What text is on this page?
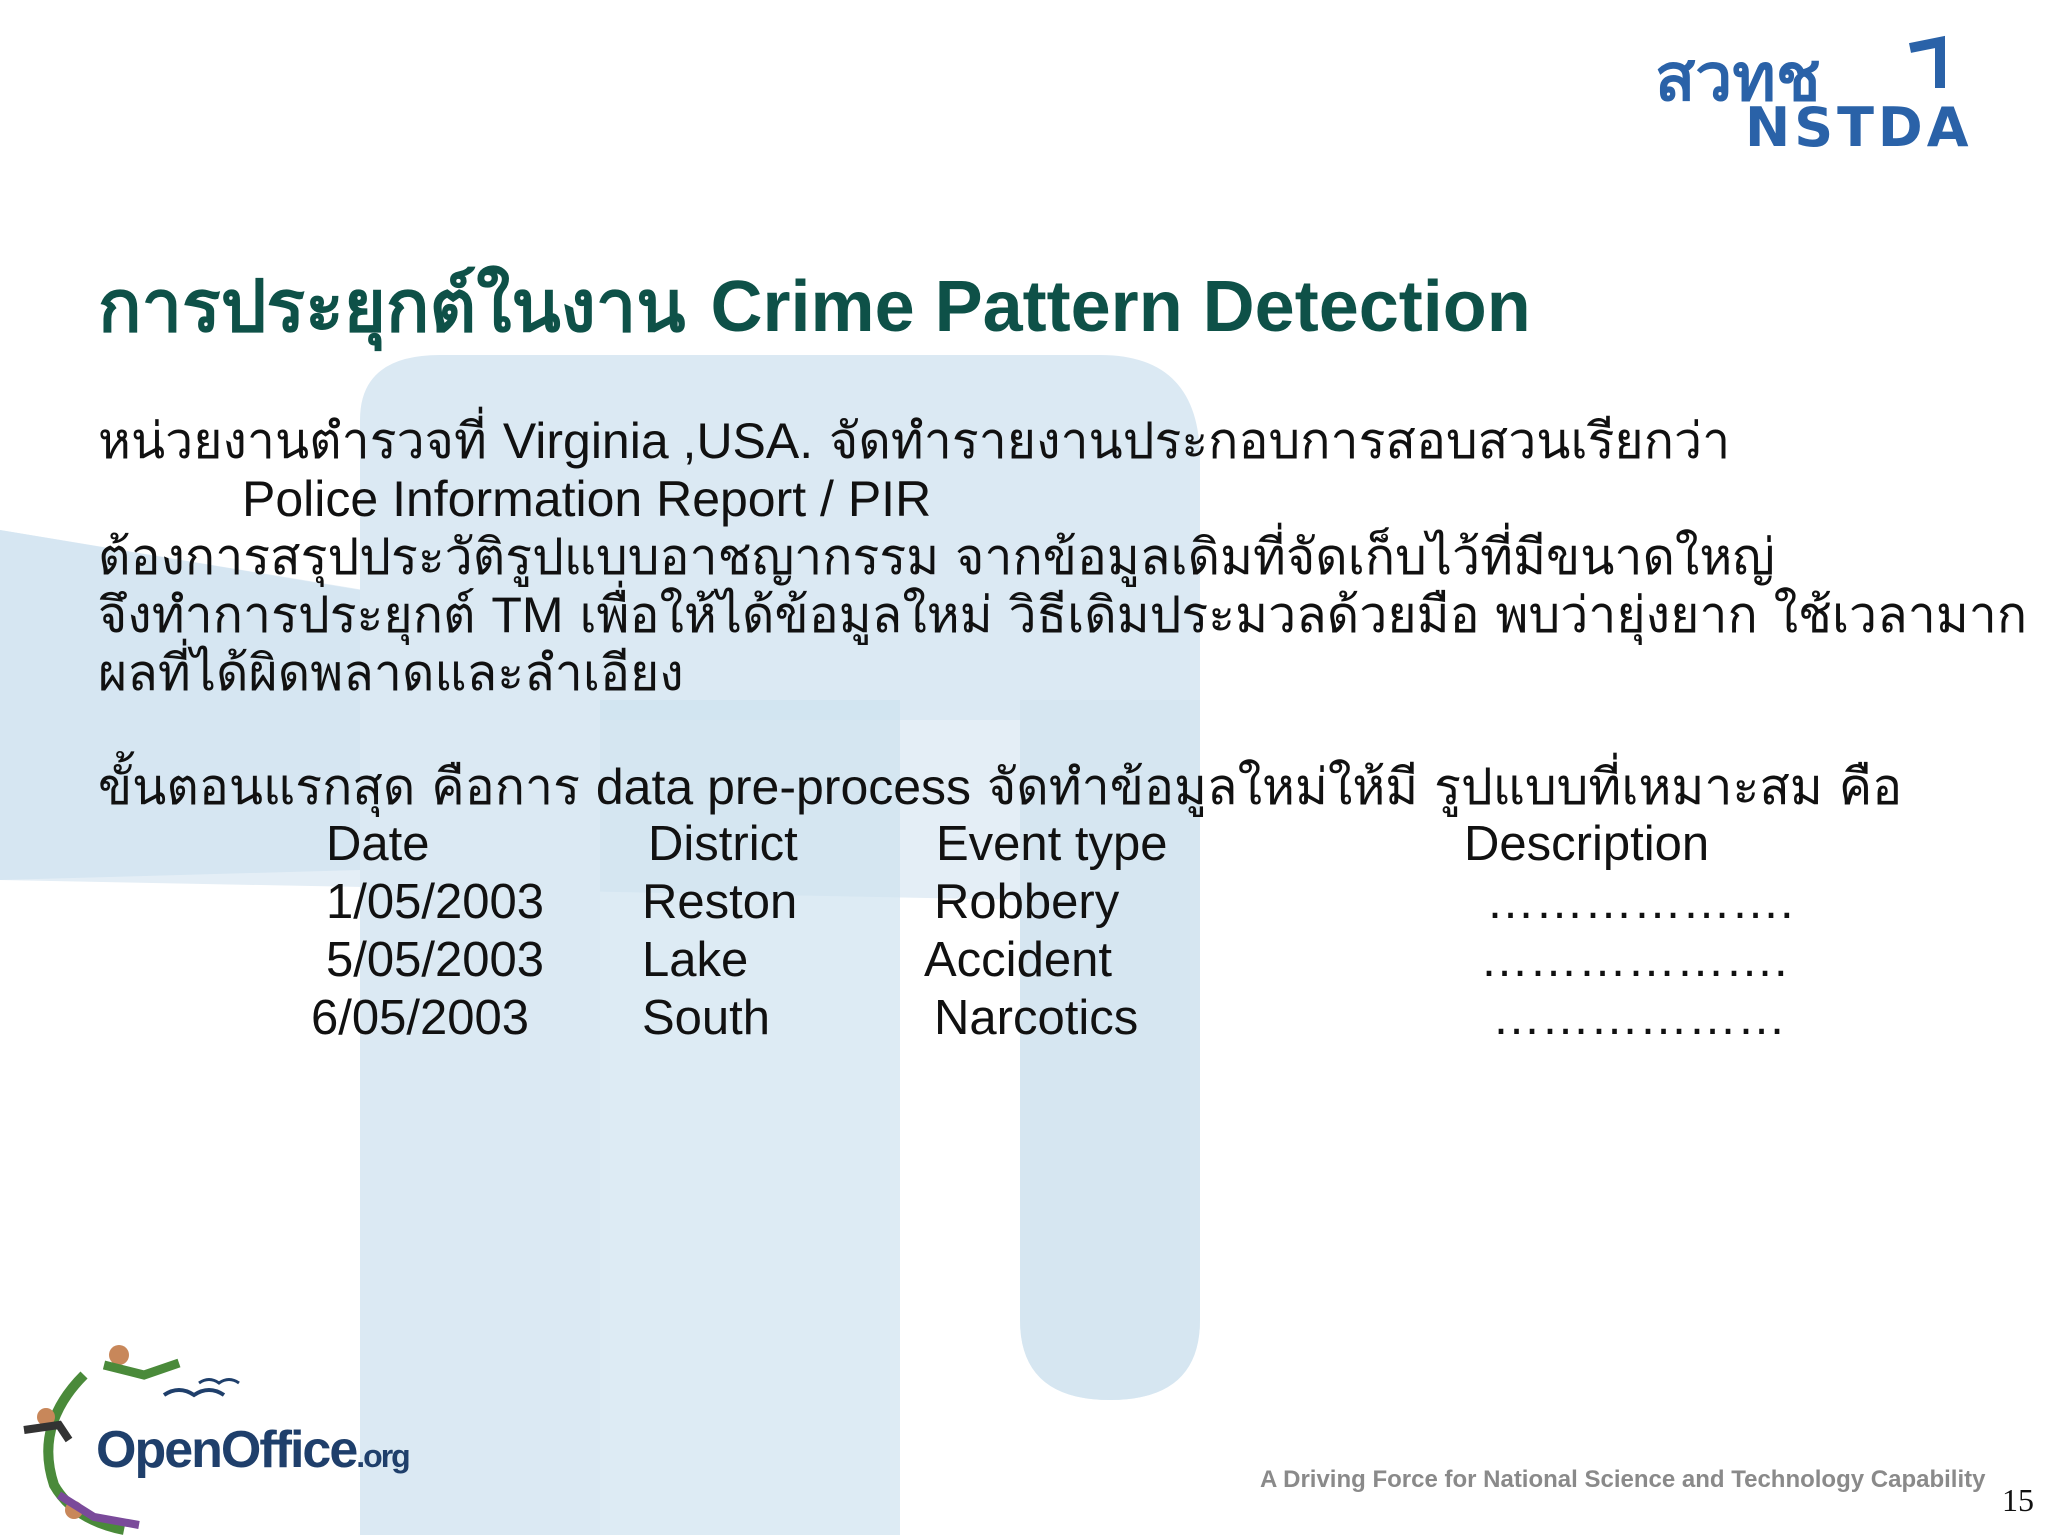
สวทช
NSTDA
การประยุกต์ในงาน Crime Pattern Detection
หน่วยงานตำรวจที่ Virginia ,USA. จัดทำรายงานประกอบการสอบสวนเรียกว่า
Police Information Report / PIR
ต้องการสรุปประวัติรูปแบบอาชญากรรม จากข้อมูลเดิมที่จัดเก็บไว้ที่มีขนาดใหญ่
จึงทำการประยุกต์ TM เพื่อให้ได้ข้อมูลใหม่ วิธีเดิมประมวลด้วยมือ พบว่ายุ่งยาก ใช้เวลามาก
ผลที่ได้ผิดพลาดและลำเอียง
ขั้นตอนแรกสุด คือการ data pre-process จัดทำข้อมูลใหม่ให้มี รูปแบบที่เหมาะสม คือ
Date	District	Event type	Description
1/05/2003 Reston	Robbery	……………….
5/05/2003 Lake	Accident	……………….
6/05/2003 South	Narcotics	………………
OpenOffice.org
A Driving Force for National Science and Technology Capability
15
